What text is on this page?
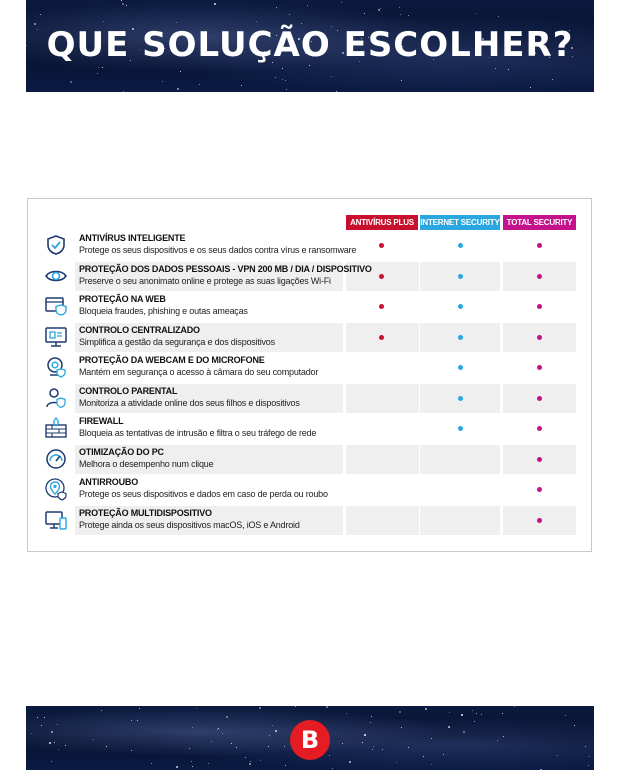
QUE SOLUÇÃO ESCOLHER?
ANTIVÍRUS PLUS INTERNET SECURITY TOTAL SECURITY
ANTIVÍRUS INTELIGENTE
Protege os seus dispositivos e os seus dados contra vírus e ransomware
PROTEÇÃO DOS DADOS PESSOAIS - VPN 200 MB / DIA / DISPOSITIVO
Preserve o seu anonimato online e protege as suas ligações Wi-Fi
PROTEÇÃO NA WEB
Bloqueia fraudes, phishing e outas ameaças
CONTROLO CENTRALIZADO
Simplifica a gestão da segurança e dos dispositivos
PROTEÇÃO DA WEBCAM E DO MICROFONE
Mantém em segurança o acesso à câmara do seu computador
CONTROLO PARENTAL
Monitoriza a atividade online dos seus filhos e dispositivos
FIREWALL
Bloqueia as tentativas de intrusão e filtra o seu tráfego de rede
OTIMIZAÇÃO DO PC
Melhora o desempenho num clique
ANTIRROUBO
Protege os seus dispositivos e dados em caso de perda ou roubo
PROTEÇÃO MULTIDISPOSITIVO
Protege ainda os seus dispositivos macOS, iOS e Android
B
